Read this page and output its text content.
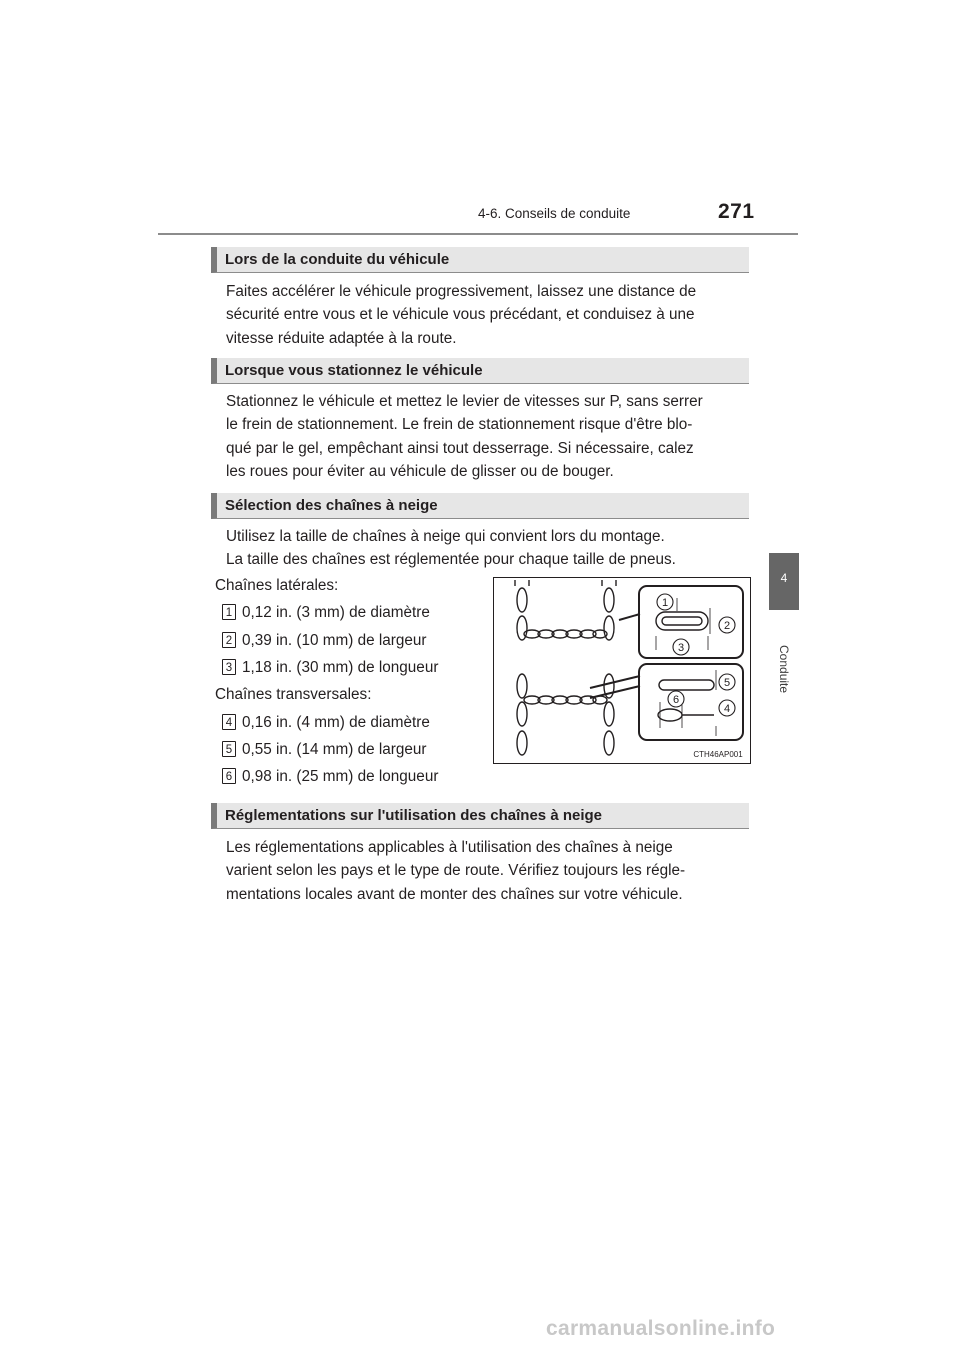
4-6. Conseils de conduite	271
4
Conduite
Lors de la conduite du véhicule
Faites accélérer le véhicule progressivement, laissez une distance de
sécurité entre vous et le véhicule vous précédant, et conduisez à une
vitesse réduite adaptée à la route.
Lorsque vous stationnez le véhicule
Stationnez le véhicule et mettez le levier de vitesses sur P, sans serrer
le frein de stationnement. Le frein de stationnement risque d'être blo-
qué par le gel, empêchant ainsi tout desserrage. Si nécessaire, calez
les roues pour éviter au véhicule de glisser ou de bouger.
Sélection des chaînes à neige
Utilisez la taille de chaînes à neige qui convient lors du montage.
La taille des chaînes est réglementée pour chaque taille de pneus.
Chaînes latérales:
1 0,12 in. (3 mm) de diamètre
2 0,39 in. (10 mm) de largeur
3 1,18 in. (30 mm) de longueur
Chaînes transversales:
4 0,16 in. (4 mm) de diamètre
5 0,55 in. (14 mm) de largeur
6 0,98 in. (25 mm) de longueur
1
2
3
4
5
6
CTH46AP001
Réglementations sur l'utilisation des chaînes à neige
Les réglementations applicables à l'utilisation des chaînes à neige
varient selon les pays et le type de route. Vérifiez toujours les régle-
mentations locales avant de monter des chaînes sur votre véhicule.
carmanualsonline.info
